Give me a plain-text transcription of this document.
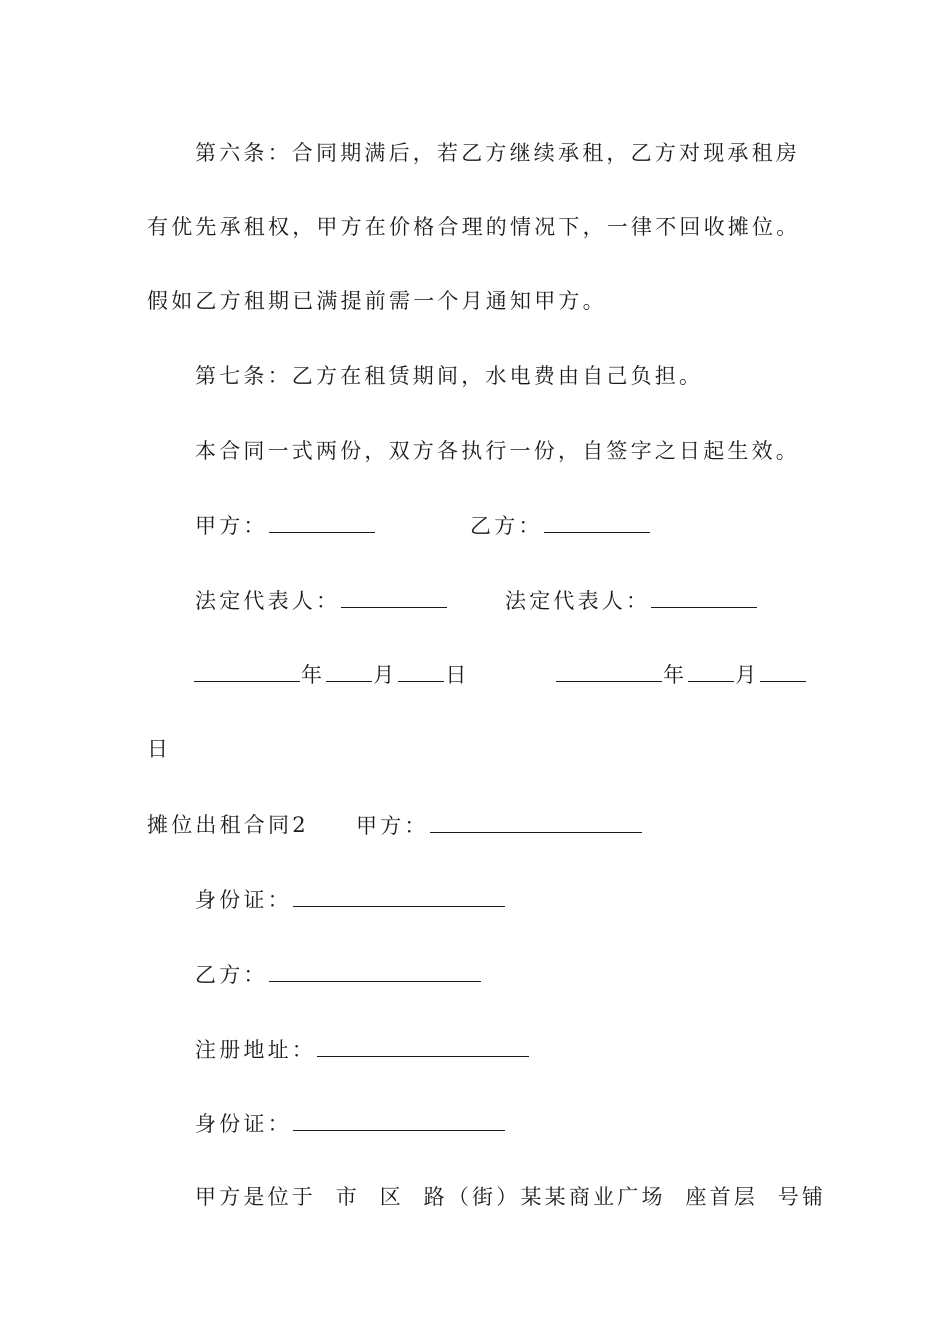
第六条：合同期满后，若乙方继续承租，乙方对现承租房
有优先承租权，甲方在价格合理的情况下，一律不回收摊位。
假如乙方租期已满提前需一个月通知甲方。
第七条：乙方在租赁期间，水电费由自己负担。
本合同一式两份，双方各执行一份，自签字之日起生效。
甲方：	乙方：
法定代表人：	法定代表人：
年 月 日	年 月
日
摊位出租合同2 甲方：
身份证：
乙方：
注册地址：
身份证：
甲方是位于  市  区  路（街）某某商业广场  座首层  号铺
